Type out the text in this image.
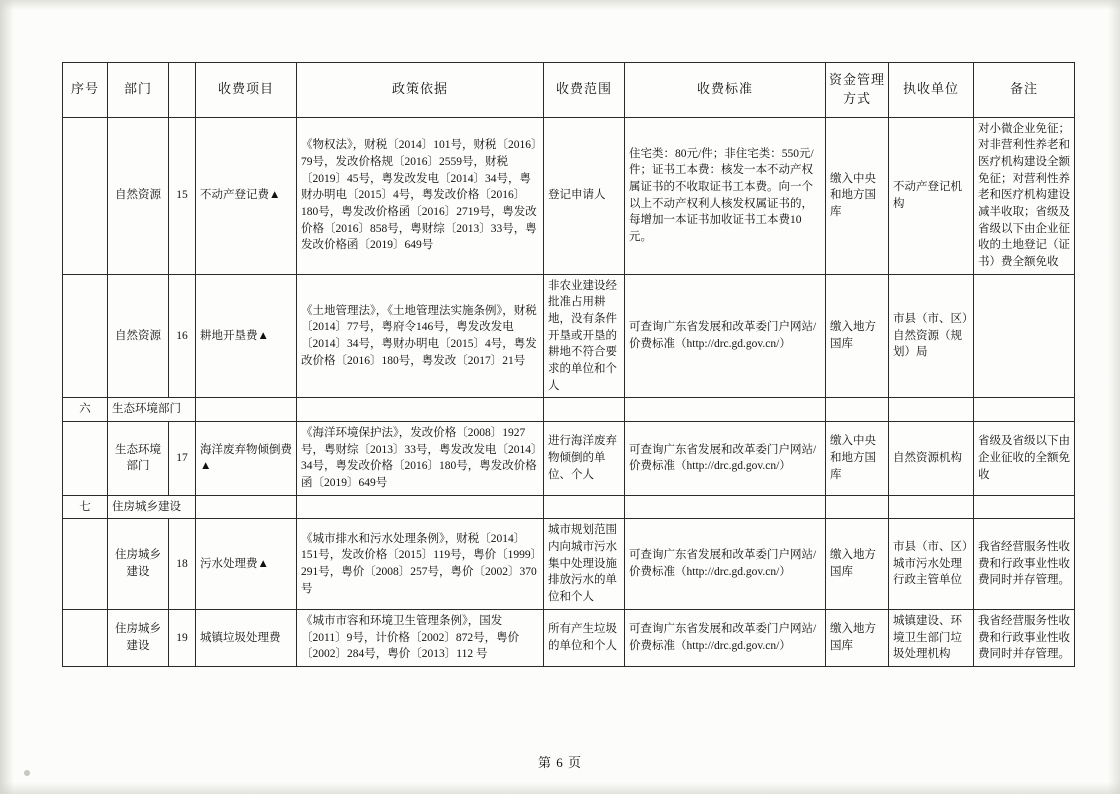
序号	部门		收费项目	政策依据	收费范围	收费标准	资金管理方式	执收单位	备注
	自然资源	15	不动产登记费▲	《物权法》，财税〔2014〕101号，财税〔2016〕79号，发改价格规〔2016〕2559号，财税〔2019〕45号，粤发改发电〔2014〕34号，粤财办明电〔2015〕4号，粤发改价格〔2016〕180号，粤发改价格函〔2016〕2719号，粤发改价格〔2016〕858号，粤财综〔2013〕33号，粤发改价格函〔2019〕649号	登记申请人	住宅类：80元/件；非住宅类：550元/件；证书工本费：核发一本不动产权属证书的不收取证书工本费。向一个以上不动产权利人核发权属证书的，每增加一本证书加收证书工本费10元。	缴入中央和地方国库	不动产登记机构	对小微企业免征；对非营利性养老和医疗机构建设全额免征；对营利性养老和医疗机构建设减半收取；省级及省级以下由企业征收的土地登记（证书）费全额免收
	自然资源	16	耕地开垦费▲	《土地管理法》，《土地管理法实施条例》，财税〔2014〕77号，粤府令146号，粤发改发电〔2014〕34号，粤财办明电〔2015〕4号，粤发改价格〔2016〕180号，粤发改〔2017〕21号	非农业建设经批准占用耕地，没有条件开垦或开垦的耕地不符合要求的单位和个人	可查询广东省发展和改革委门户网站/价费标准（http://drc.gd.gov.cn/）	缴入地方国库	市县（市、区）自然资源（规划）局	
六	生态环境部门								
	生态环境部门	17	海洋废弃物倾倒费▲	《海洋环境保护法》，发改价格〔2008〕1927号，粤财综〔2013〕33号，粤发改发电〔2014〕34号，粤发改价格〔2016〕180号，粤发改价格函〔2019〕649号	进行海洋废弃物倾倒的单位、个人	可查询广东省发展和改革委门户网站/价费标准（http://drc.gd.gov.cn/）	缴入中央和地方国库	自然资源机构	省级及省级以下由企业征收的全额免收
七	住房城乡建设								
	住房城乡建设	18	污水处理费▲	《城市排水和污水处理条例》，财税〔2014〕151号，发改价格〔2015〕119号，粤价〔1999〕291号，粤价〔2008〕257号，粤价〔2002〕370号	城市规划范围内向城市污水集中处理设施排放污水的单位和个人	可查询广东省发展和改革委门户网站/价费标准（http://drc.gd.gov.cn/）	缴入地方国库	市县（市、区）城市污水处理行政主管单位	我省经营服务性收费和行政事业性收费同时并存管理。
	住房城乡建设	19	城镇垃圾处理费	《城市市容和环境卫生管理条例》，国发〔2011〕9号，计价格〔2002〕872号，粤价〔2002〕284号，粤价〔2013〕112 号	所有产生垃圾的单位和个人	可查询广东省发展和改革委门户网站/价费标准（http://drc.gd.gov.cn/）	缴入地方国库	城镇建设、环境卫生部门垃圾处理机构	我省经营服务性收费和行政事业性收费同时并存管理。
第 6 页
